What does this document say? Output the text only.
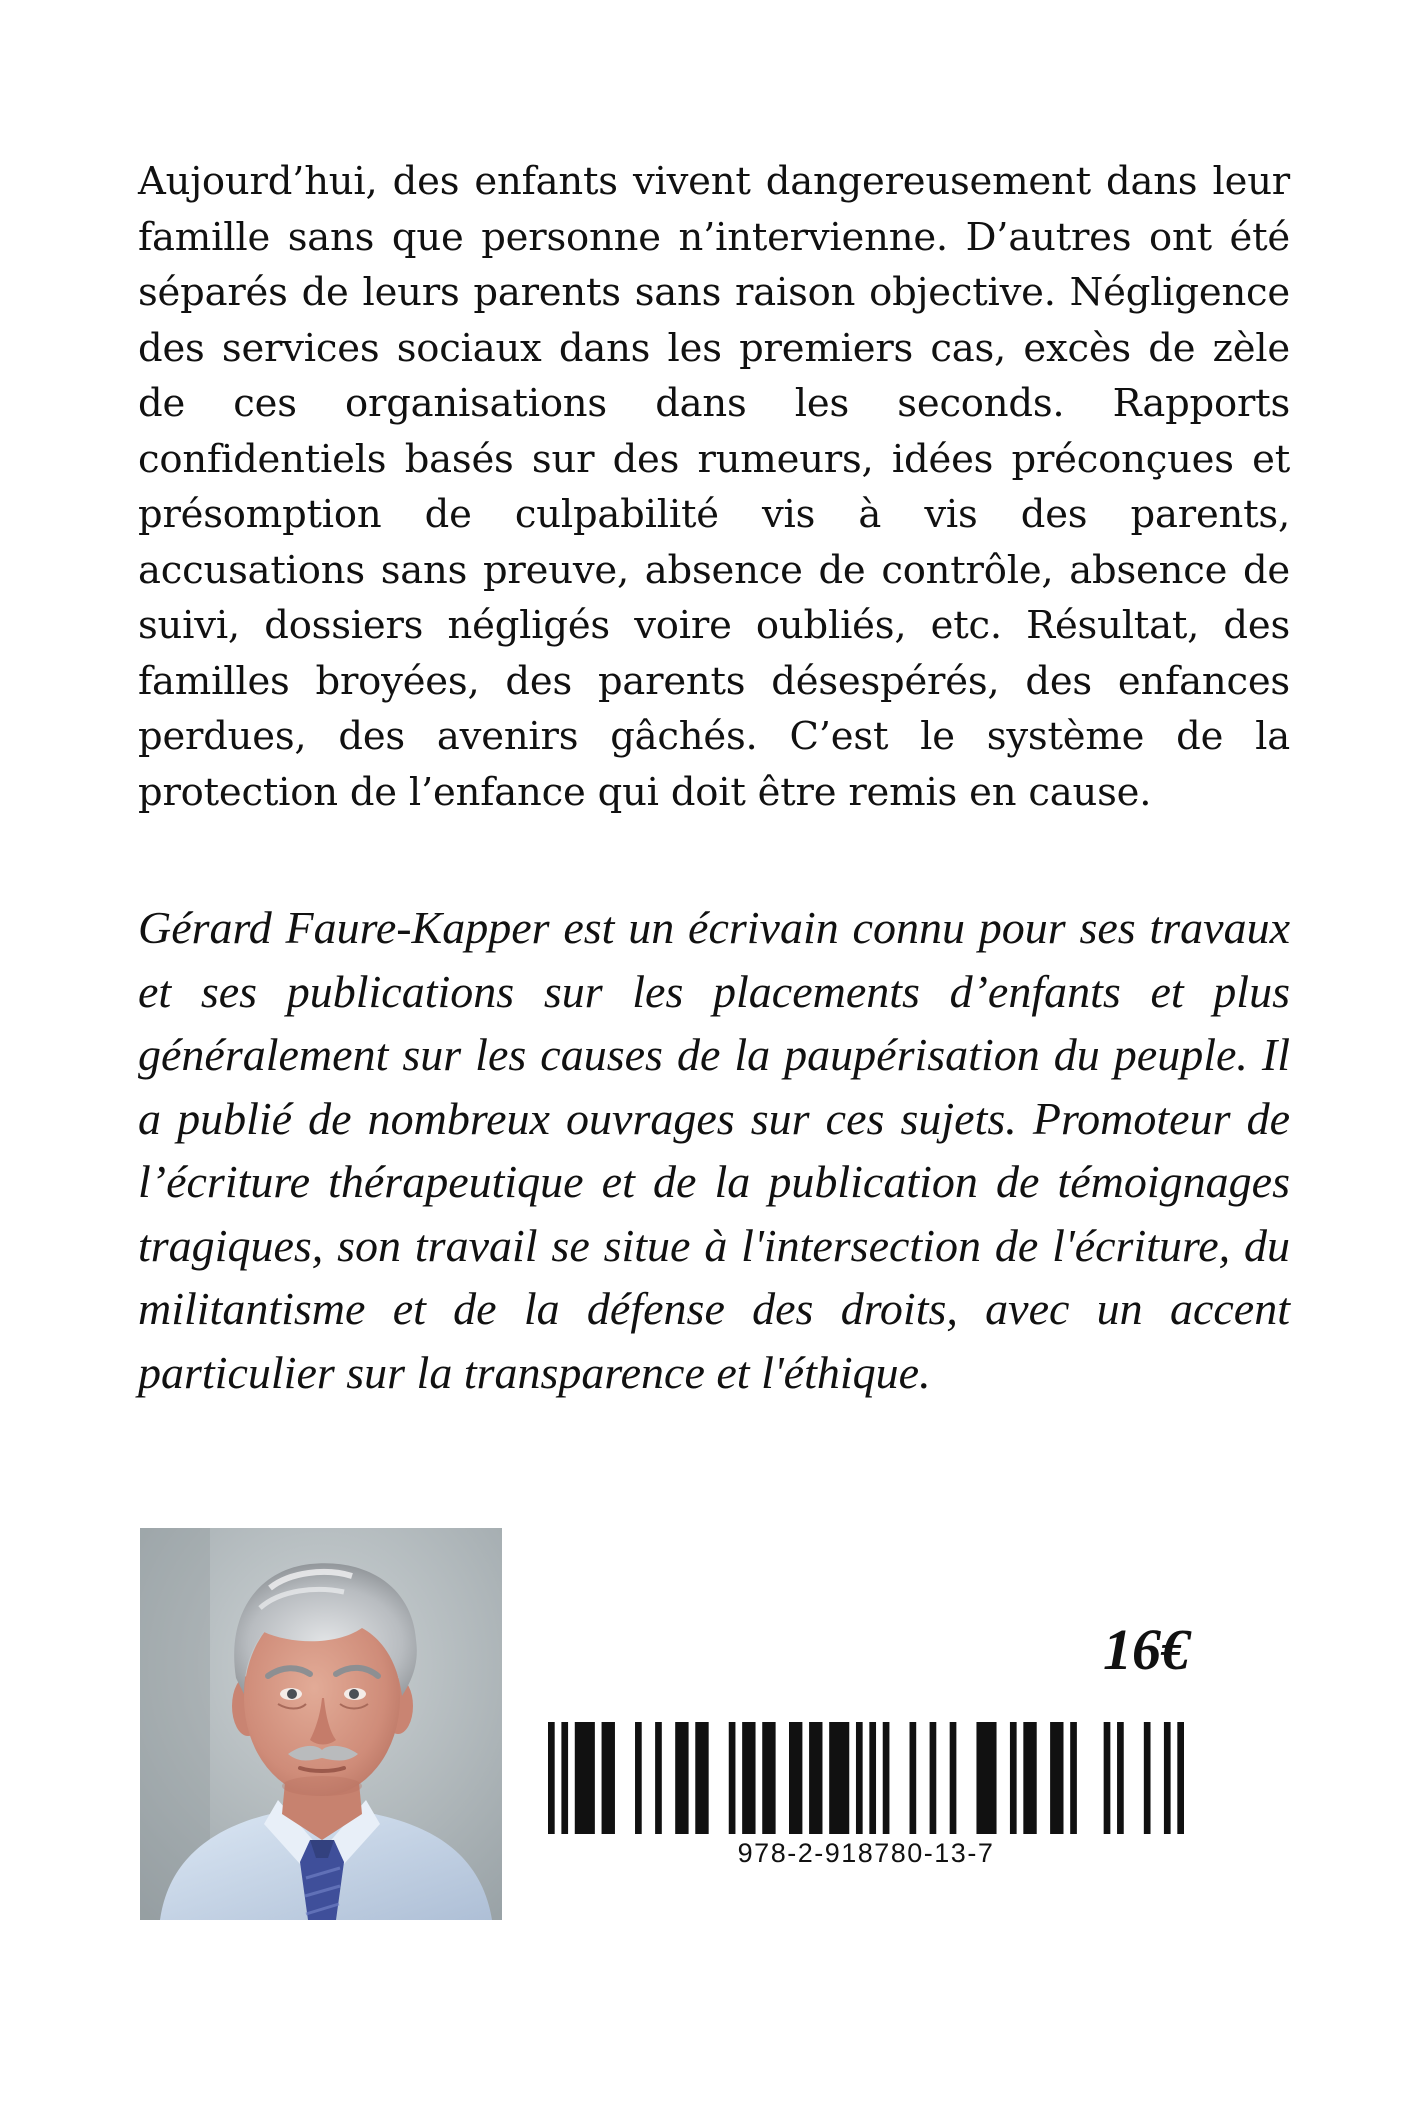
Aujourd’hui, des enfants vivent dangereusement dans leur famille sans que personne n’intervienne. D’autres ont été séparés de leurs parents sans raison objective. Négligence des services sociaux dans les premiers cas, excès de zèle de ces organisations dans les seconds. Rapports confidentiels basés sur des rumeurs, idées préconçues et présomption de culpabilité vis à vis des parents, accusations sans preuve, absence de contrôle, absence de suivi, dossiers négligés voire oubliés, etc. Résultat, des familles broyées, des parents désespérés, des enfances perdues, des avenirs gâchés. C’est le système de la protection de l’enfance qui doit être remis en cause.

Gérard Faure-Kapper est un écrivain connu pour ses travaux et ses publications sur les placements d’enfants et plus généralement sur les causes de la paupérisation du peuple. Il a publié de nombreux ouvrages sur ces sujets. Promoteur de l’écriture thérapeutique et de la publication de témoignages tragiques, son travail se situe à l'intersection de l'écriture, du militantisme et de la défense des droits, avec un accent particulier sur la transparence et l'éthique.

16€

978-2-918780-13-7
